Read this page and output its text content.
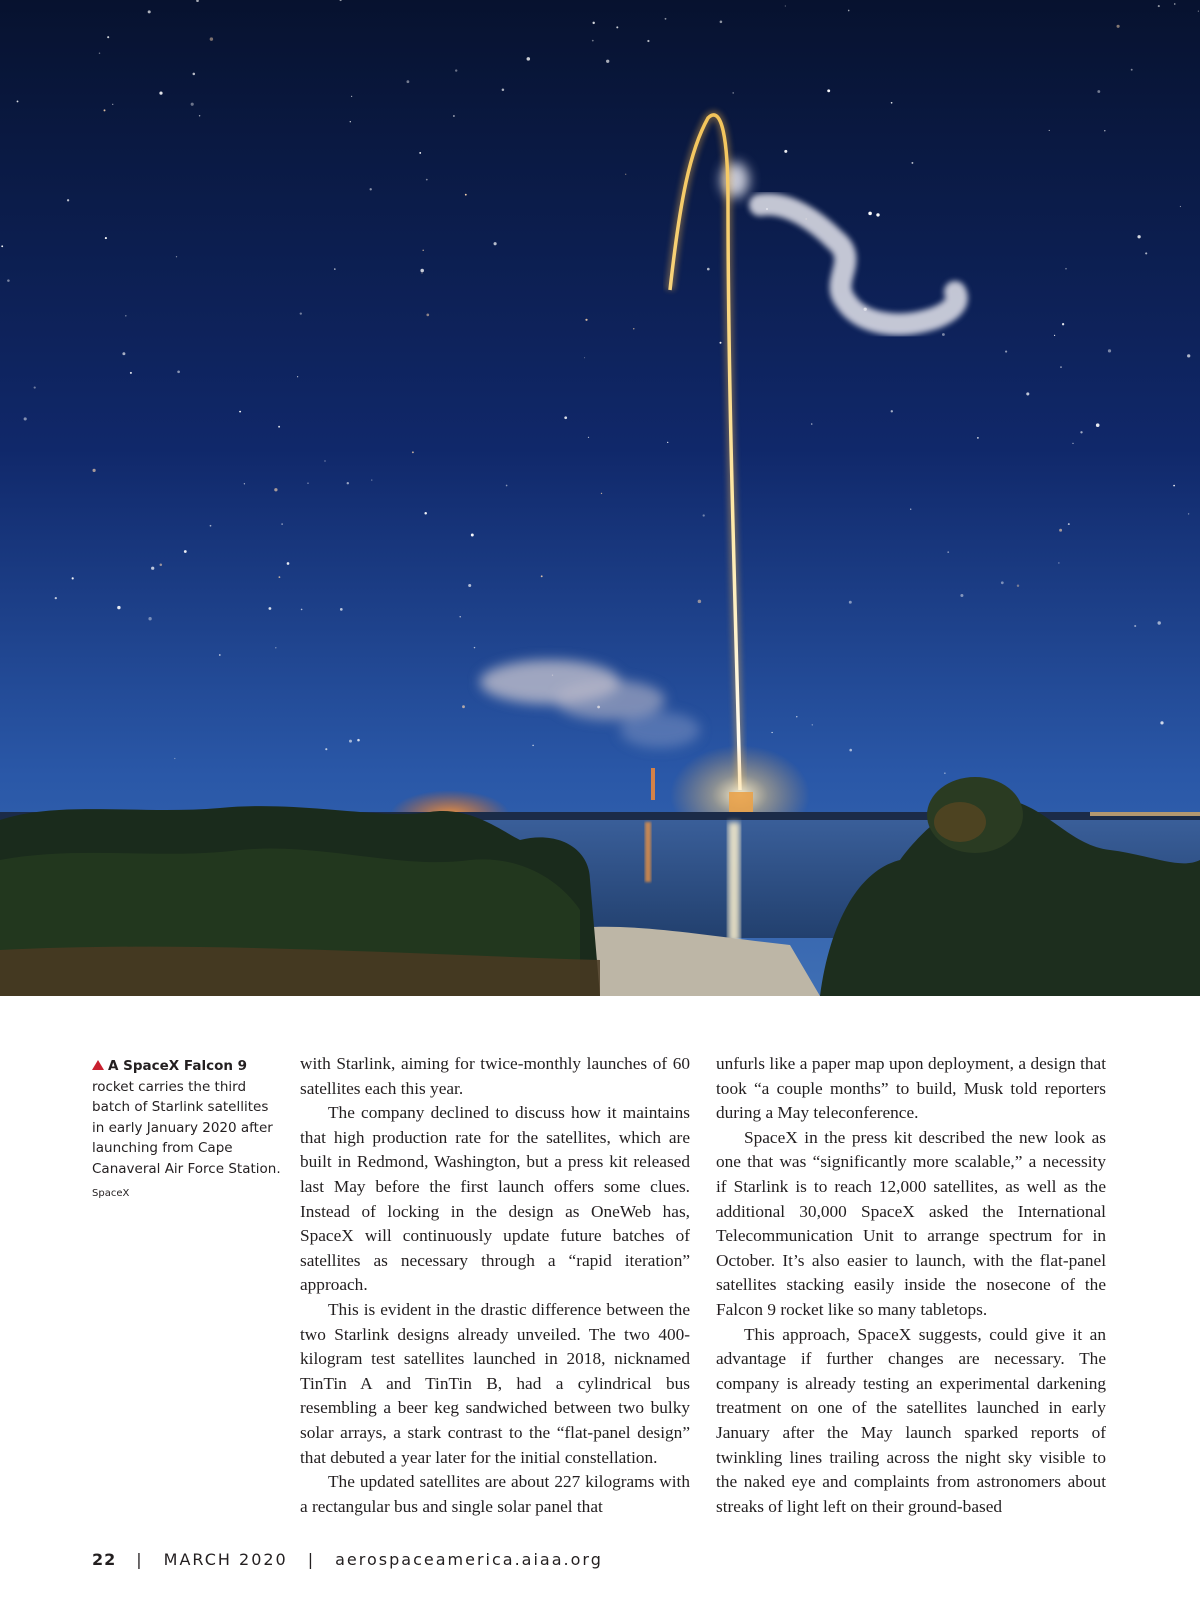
A SpaceX Falcon 9 rocket carries the third batch of Starlink satellites in early January 2020 after launching from Cape Canaveral Air Force Station.
SpaceX

with Starlink, aiming for twice-monthly launches of 60 satellites each this year.

The company declined to discuss how it maintains that high production rate for the satellites, which are built in Redmond, Washington, but a press kit released last May before the first launch offers some clues. Instead of locking in the design as OneWeb has, SpaceX will continuously update future batches of satellites as necessary through a “rapid iteration” approach.

This is evident in the drastic difference between the two Starlink designs already unveiled. The two 400-kilogram test satellites launched in 2018, nicknamed TinTin A and TinTin B, had a cylindrical bus resembling a beer keg sandwiched between two bulky solar arrays, a stark contrast to the “flat-panel design” that debuted a year later for the initial constellation.

The updated satellites are about 227 kilograms with a rectangular bus and single solar panel that

unfurls like a paper map upon deployment, a design that took “a couple months” to build, Musk told reporters during a May teleconference.

SpaceX in the press kit described the new look as one that was “significantly more scalable,” a necessity if Starlink is to reach 12,000 satellites, as well as the additional 30,000 SpaceX asked the International Telecommunication Unit to arrange spectrum for in October. It’s also easier to launch, with the flat-panel satellites stacking easily inside the nosecone of the Falcon 9 rocket like so many tabletops.

This approach, SpaceX suggests, could give it an advantage if further changes are necessary. The company is already testing an experimental darkening treatment on one of the satellites launched in early January after the May launch sparked reports of twinkling lines trailing across the night sky visible to the naked eye and complaints from astronomers about streaks of light left on their ground-based

22 | MARCH 2020 | aerospaceamerica.aiaa.org
